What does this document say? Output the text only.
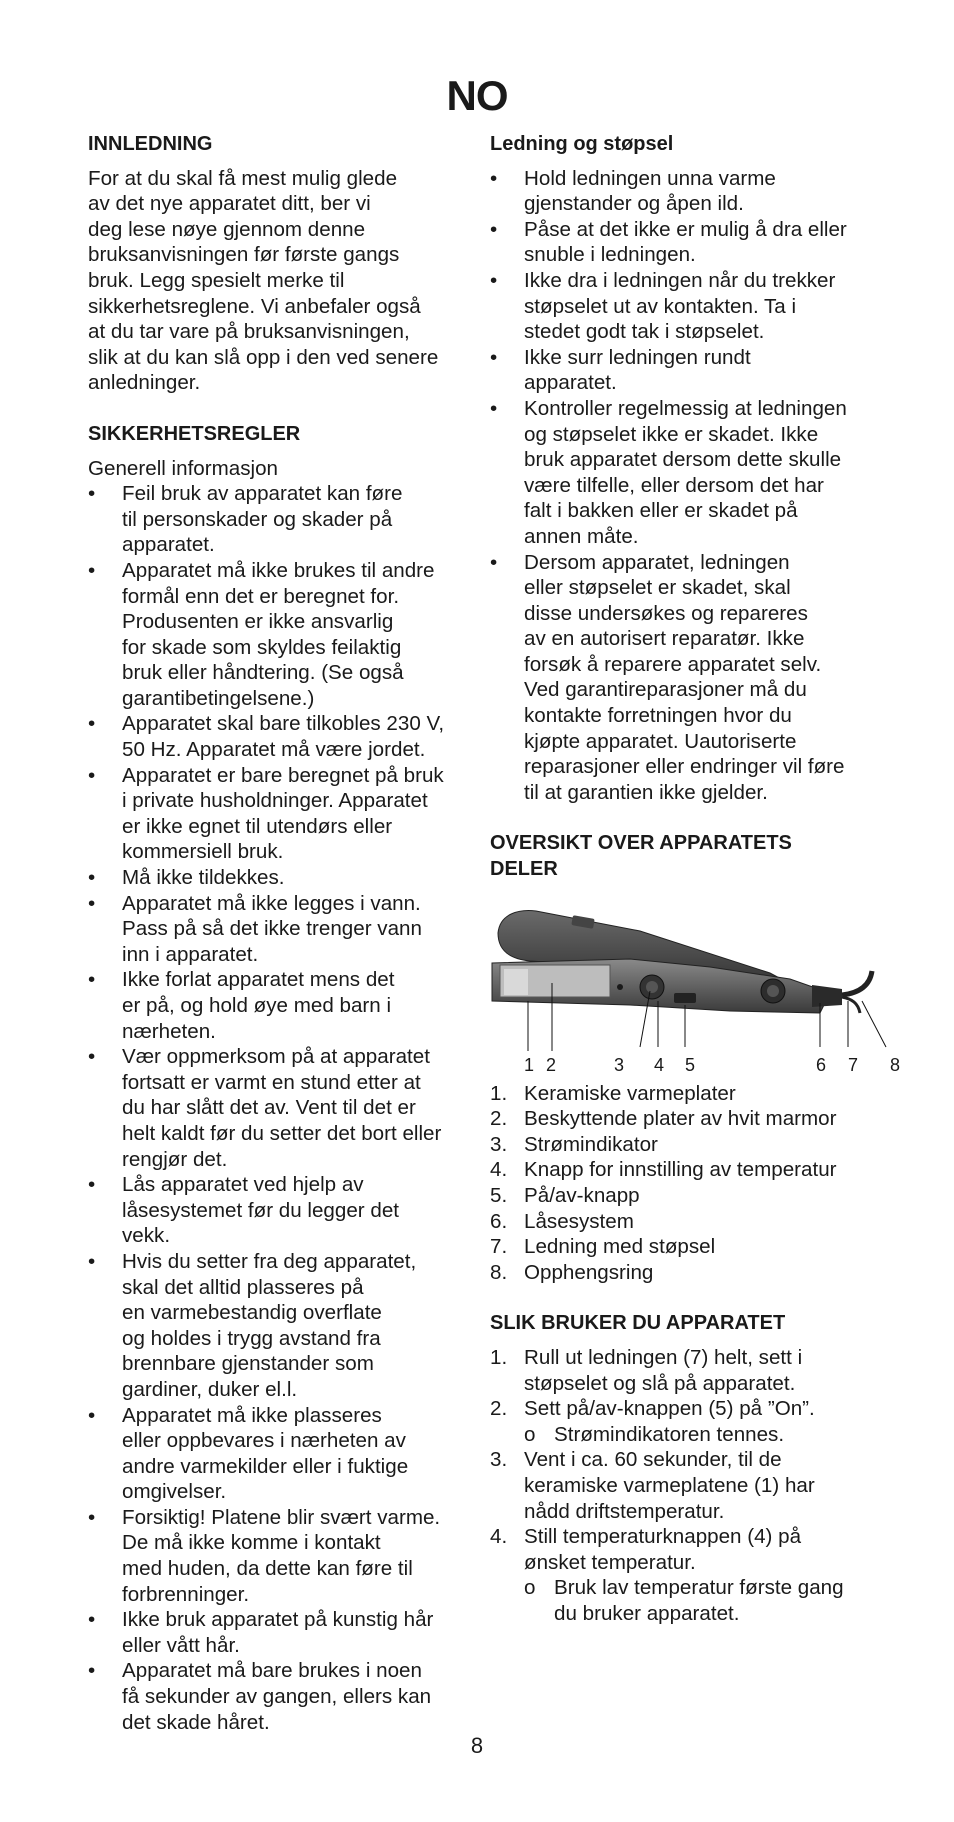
NO
INNLEDNING

For at du skal få mest mulig glede
av det nye apparatet ditt, ber vi
deg lese nøye gjennom denne
bruksanvisningen før første gangs
bruk. Legg spesielt merke til
sikkerhetsreglene. Vi anbefaler også
at du tar vare på bruksanvisningen,
slik at du kan slå opp i den ved senere
anledninger.

SIKKERHETSREGLER

Generell informasjon

• Feil bruk av apparatet kan føre
til personskader og skader på
apparatet.
• Apparatet må ikke brukes til andre
formål enn det er beregnet for.
Produsenten er ikke ansvarlig
for skade som skyldes feilaktig
bruk eller håndtering. (Se også
garantibetingelsene.)
• Apparatet skal bare tilkobles 230 V,
50 Hz. Apparatet må være jordet.
• Apparatet er bare beregnet på bruk
i private husholdninger. Apparatet
er ikke egnet til utendørs eller
kommersiell bruk.
• Må ikke tildekkes.
• Apparatet må ikke legges i vann.
Pass på så det ikke trenger vann
inn i apparatet.
• Ikke forlat apparatet mens det
er på, og hold øye med barn i
nærheten.
• Vær oppmerksom på at apparatet
fortsatt er varmt en stund etter at
du har slått det av. Vent til det er
helt kaldt før du setter det bort eller
rengjør det.
• Lås apparatet ved hjelp av
låsesystemet før du legger det
vekk.
• Hvis du setter fra deg apparatet,
skal det alltid plasseres på
en varmebestandig overflate
og holdes i trygg avstand fra
brennbare gjenstander som
gardiner, duker el.l.
• Apparatet må ikke plasseres
eller oppbevares i nærheten av
andre varmekilder eller i fuktige
omgivelser.
• Forsiktig! Platene blir svært varme.
De må ikke komme i kontakt
med huden, da dette kan føre til
forbrenninger.
• Ikke bruk apparatet på kunstig hår
eller vått hår.
• Apparatet må bare brukes i noen
få sekunder av gangen, ellers kan
det skade håret.
Ledning og støpsel
• Hold ledningen unna varme
gjenstander og åpen ild.
• Påse at det ikke er mulig å dra eller
snuble i ledningen.
• Ikke dra i ledningen når du trekker
støpselet ut av kontakten. Ta i
stedet godt tak i støpselet.
• Ikke surr ledningen rundt
apparatet.
• Kontroller regelmessig at ledningen
og støpselet ikke er skadet. Ikke
bruk apparatet dersom dette skulle
være tilfelle, eller dersom det har
falt i bakken eller er skadet på
annen måte.
• Dersom apparatet, ledningen
eller støpselet er skadet, skal
disse undersøkes og repareres
av en autorisert reparatør. Ikke
forsøk å reparere apparatet selv.
Ved garantireparasjoner må du
kontakte forretningen hvor du
kjøpte apparatet. Uautoriserte
reparasjoner eller endringer vil føre
til at garantien ikke gjelder.
OVERSIKT OVER APPARATETS
DELER
1 2	3 4 5	6 7 8
1. Keramiske varmeplater
2. Beskyttende plater av hvit marmor
3. Strømindikator
4. Knapp for innstilling av temperatur
5. På/av-knapp
6. Låsesystem
7. Ledning med støpsel
8. Opphengsring
SLIK BRUKER DU APPARATET
1. Rull ut ledningen (7) helt, sett i
støpselet og slå på apparatet.
2. Sett på/av-knappen (5) på ”On”.
o Strømindikatoren tennes.
3. Vent i ca. 60 sekunder, til de
keramiske varmeplatene (1) har
nådd driftstemperatur.
4. Still temperaturknappen (4) på
ønsket temperatur.
o Bruk lav temperatur første gang
du bruker apparatet.
8
